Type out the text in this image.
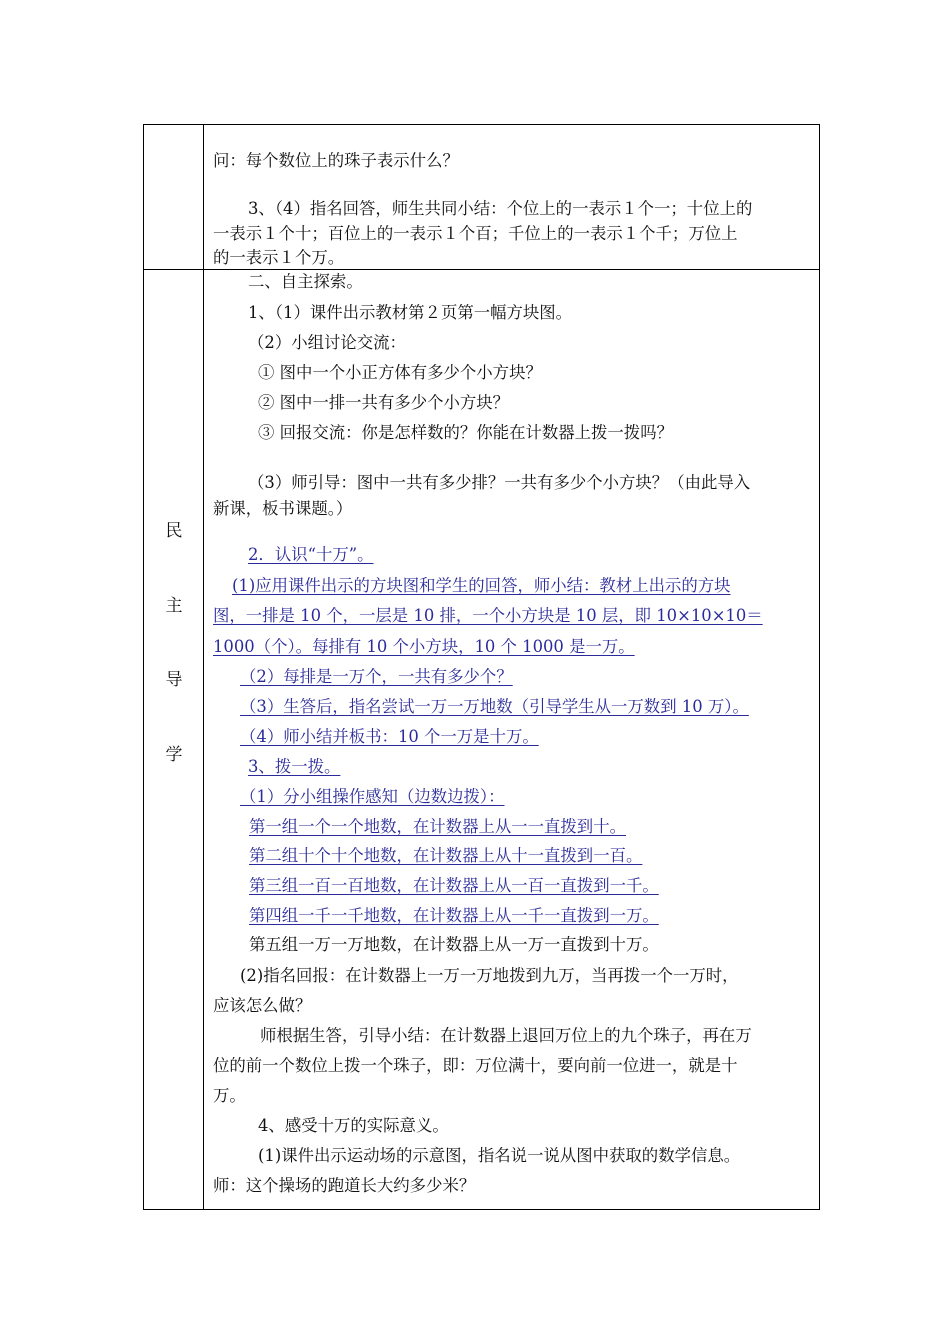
问：每个数位上的珠子表示什么？
3、（4）指名回答，师生共同小结：个位上的一表示１个一；十位上的
一表示１个十；百位上的一表示１个百；千位上的一表示１个千；万位上
的一表示１个万。
民
主
导
学
二、自主探索。
1、（1）课件出示教材第２页第一幅方块图。
（2）小组讨论交流：
① 图中一个小正方体有多少个小方块？
② 图中一排一共有多少个小方块？
③ 回报交流：你是怎样数的？你能在计数器上拨一拨吗？
（3）师引导：图中一共有多少排？一共有多少个小方块？（由此导入
新课，板书课题。）
2．认识“十万”。
(1)应用课件出示的方块图和学生的回答，师小结：教材上出示的方块
图，一排是 10 个，一层是 10 排，一个小方块是 10 层，即 10×10×10＝
1000（个）。每排有 10 个小方块，10 个 1000 是一万。
（2）每排是一万个，一共有多少个？
（3）生答后，指名尝试一万一万地数（引导学生从一万数到 10 万）。
（4）师小结并板书：10 个一万是十万。
3、拨一拨。
（1）分小组操作感知（边数边拨）：
第一组一个一个地数，在计数器上从一一直拨到十。
第二组十个十个地数，在计数器上从十一直拨到一百。
第三组一百一百地数，在计数器上从一百一直拨到一千。
第四组一千一千地数，在计数器上从一千一直拨到一万。
第五组一万一万地数，在计数器上从一万一直拨到十万。
(2)指名回报：在计数器上一万一万地拨到九万，当再拨一个一万时，
应该怎么做？
师根据生答，引导小结：在计数器上退回万位上的九个珠子，再在万
位的前一个数位上拨一个珠子，即：万位满十，要向前一位进一，就是十
万。
4、感受十万的实际意义。
(1)课件出示运动场的示意图，指名说一说从图中获取的数学信息。
师：这个操场的跑道长大约多少米？
